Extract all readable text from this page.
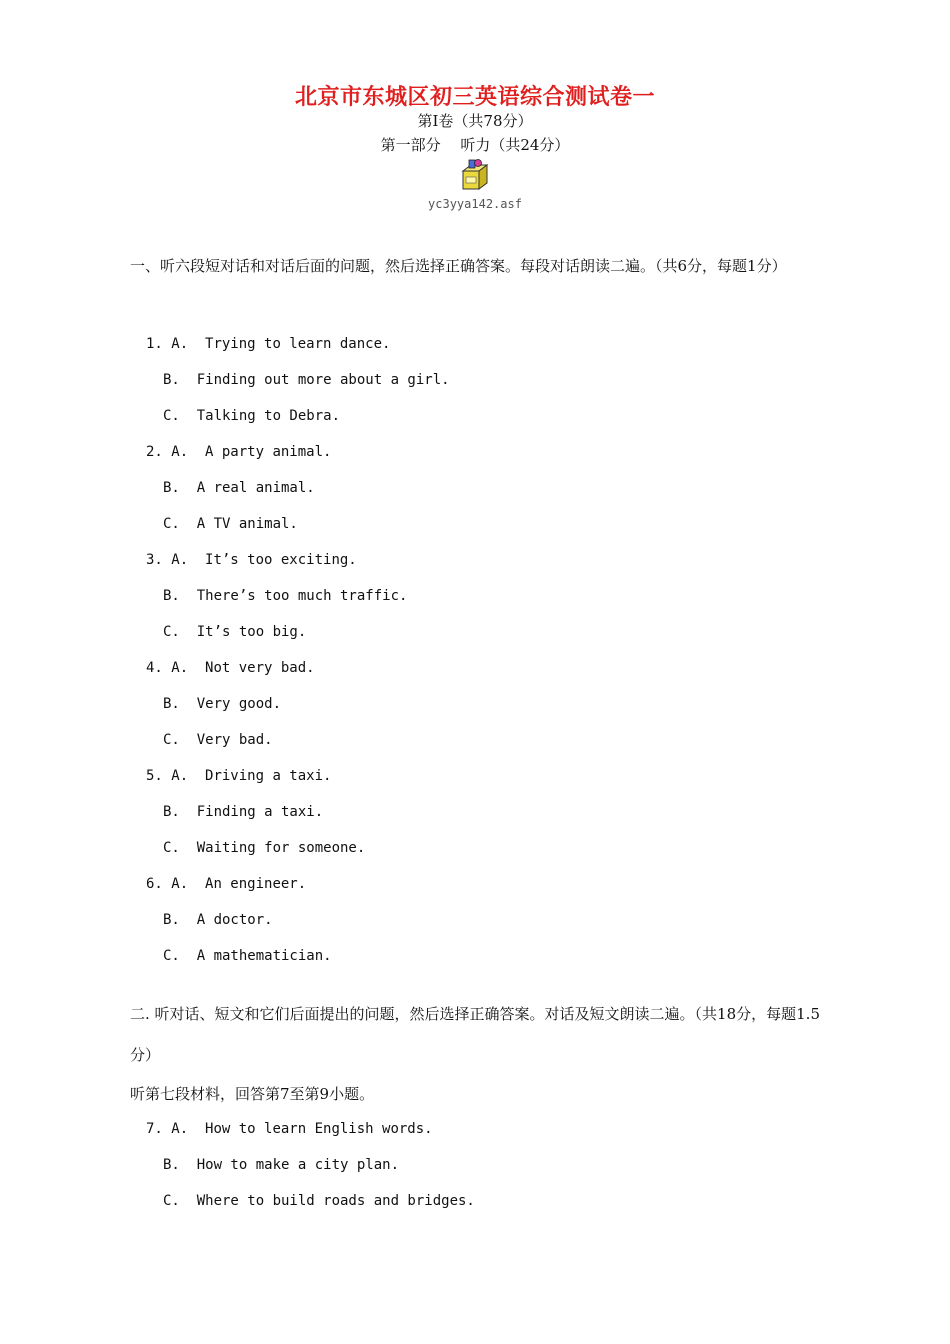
北京市东城区初三英语综合测试卷一
第Ⅰ卷（共78分）
第一部分　 听力（共24分）
yc3yya142.asf
一、听六段短对话和对话后面的问题，然后选择正确答案。每段对话朗读二遍。（共6分，每题1分）
1. A.  Trying to learn dance.
B.  Finding out more about a girl.
C.  Talking to Debra.
2. A.  A party animal.
B.  A real animal.
C.  A TV animal.
3. A.  It’s too exciting.
B.  There’s too much traffic.
C.  It’s too big.
4. A.  Not very bad.
B.  Very good.
C.  Very bad.
5. A.  Driving a taxi.
B.  Finding a taxi.
C.  Waiting for someone.
6. A.  An engineer.
B.  A doctor.
C.  A mathematician.
二. 听对话、短文和它们后面提出的问题，然后选择正确答案。对话及短文朗读二遍。（共18分，每题1.5分）
听第七段材料，回答第7至第9小题。
7. A.  How to learn English words.
B.  How to make a city plan.
C.  Where to build roads and bridges.
